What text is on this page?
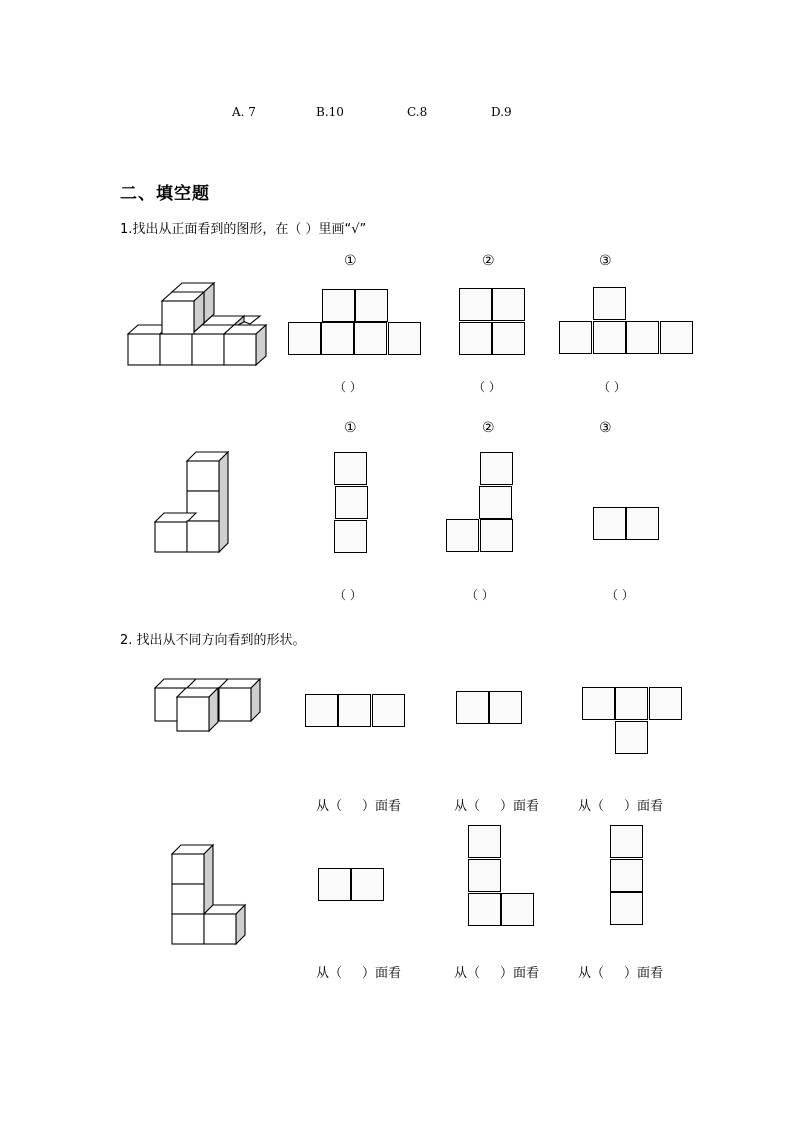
A. 7	B.10	C.8	D.9
二、填空题
1.找出从正面看到的图形，在（ ）里画“√”
①	②	③
（ ）	（ ）	（ ）
①	②	③
（ ）	（ ）	（ ）
2. 找出从不同方向看到的形状。
从（ ）面看	从（ ）面看	从（ ）面看
从（ ）面看	从（ ）面看	从（ ）面看
